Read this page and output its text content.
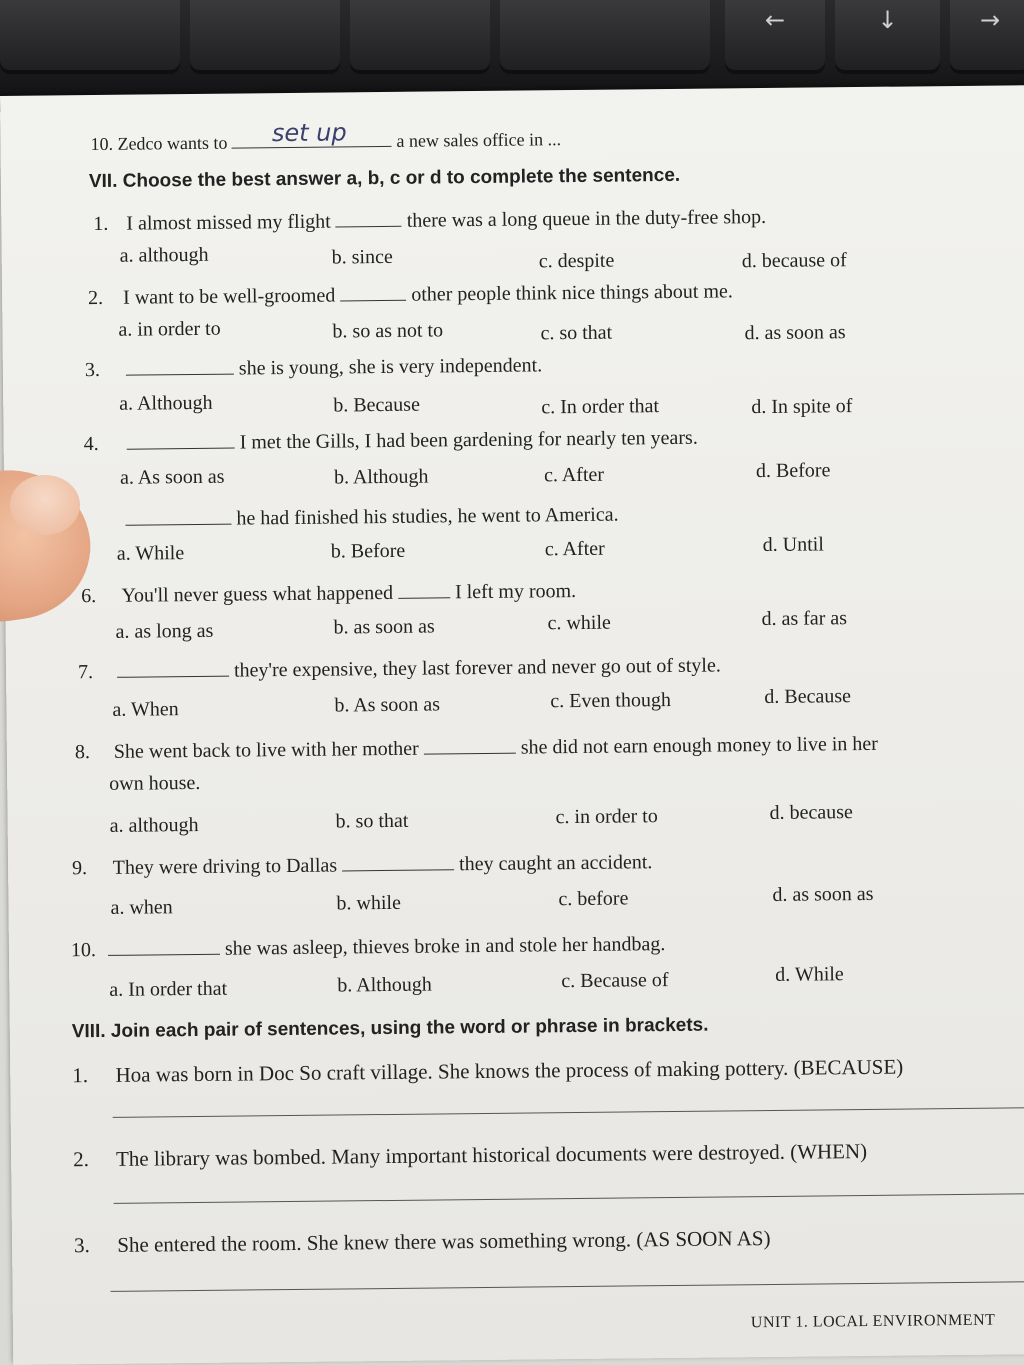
←	↓	→
10. Zedco wants to set up	a new sales office in ...
VII. Choose the best answer a, b, c or d to complete the sentence.
1. I almost missed my flight	there was a long queue in the duty-free shop.
a. although	b. since	c. despite	d. because of
2. I want to be well-groomed	other people think nice things about me.
a. in order to	b. so as not to	c. so that	d. as soon as
3.	she is young, she is very independent.
a. Although	b. Because	c. In order that	d. In spite of
4.	I met the Gills, I had been gardening for nearly ten years.
a. As soon as	b. Although	c. After	d. Before
he had finished his studies, he went to America.
a. While	b. Before	c. After	d. Until
6. You'll never guess what happened	I left my room.
a. as long as	b. as soon as	c. while	d. as far as
7.	they're expensive, they last forever and never go out of style.
a. When	b. As soon as	c. Even though	d. Because
8. She went back to live with her mother	she did not earn enough money to live in her
own house.
a. although	b. so that	c. in order to	d. because
9. They were driving to Dallas	they caught an accident.
a. when	b. while	c. before	d. as soon as
10.	she was asleep, thieves broke in and stole her handbag.
a. In order that	b. Although	c. Because of	d. While
VIII. Join each pair of sentences, using the word or phrase in brackets.
1. Hoa was born in Doc So craft village. She knows the process of making pottery. (BECAUSE)
2. The library was bombed. Many important historical documents were destroyed. (WHEN)
3. She entered the room. She knew there was something wrong. (AS SOON AS)
UNIT 1. LOCAL ENVIRONMENT
